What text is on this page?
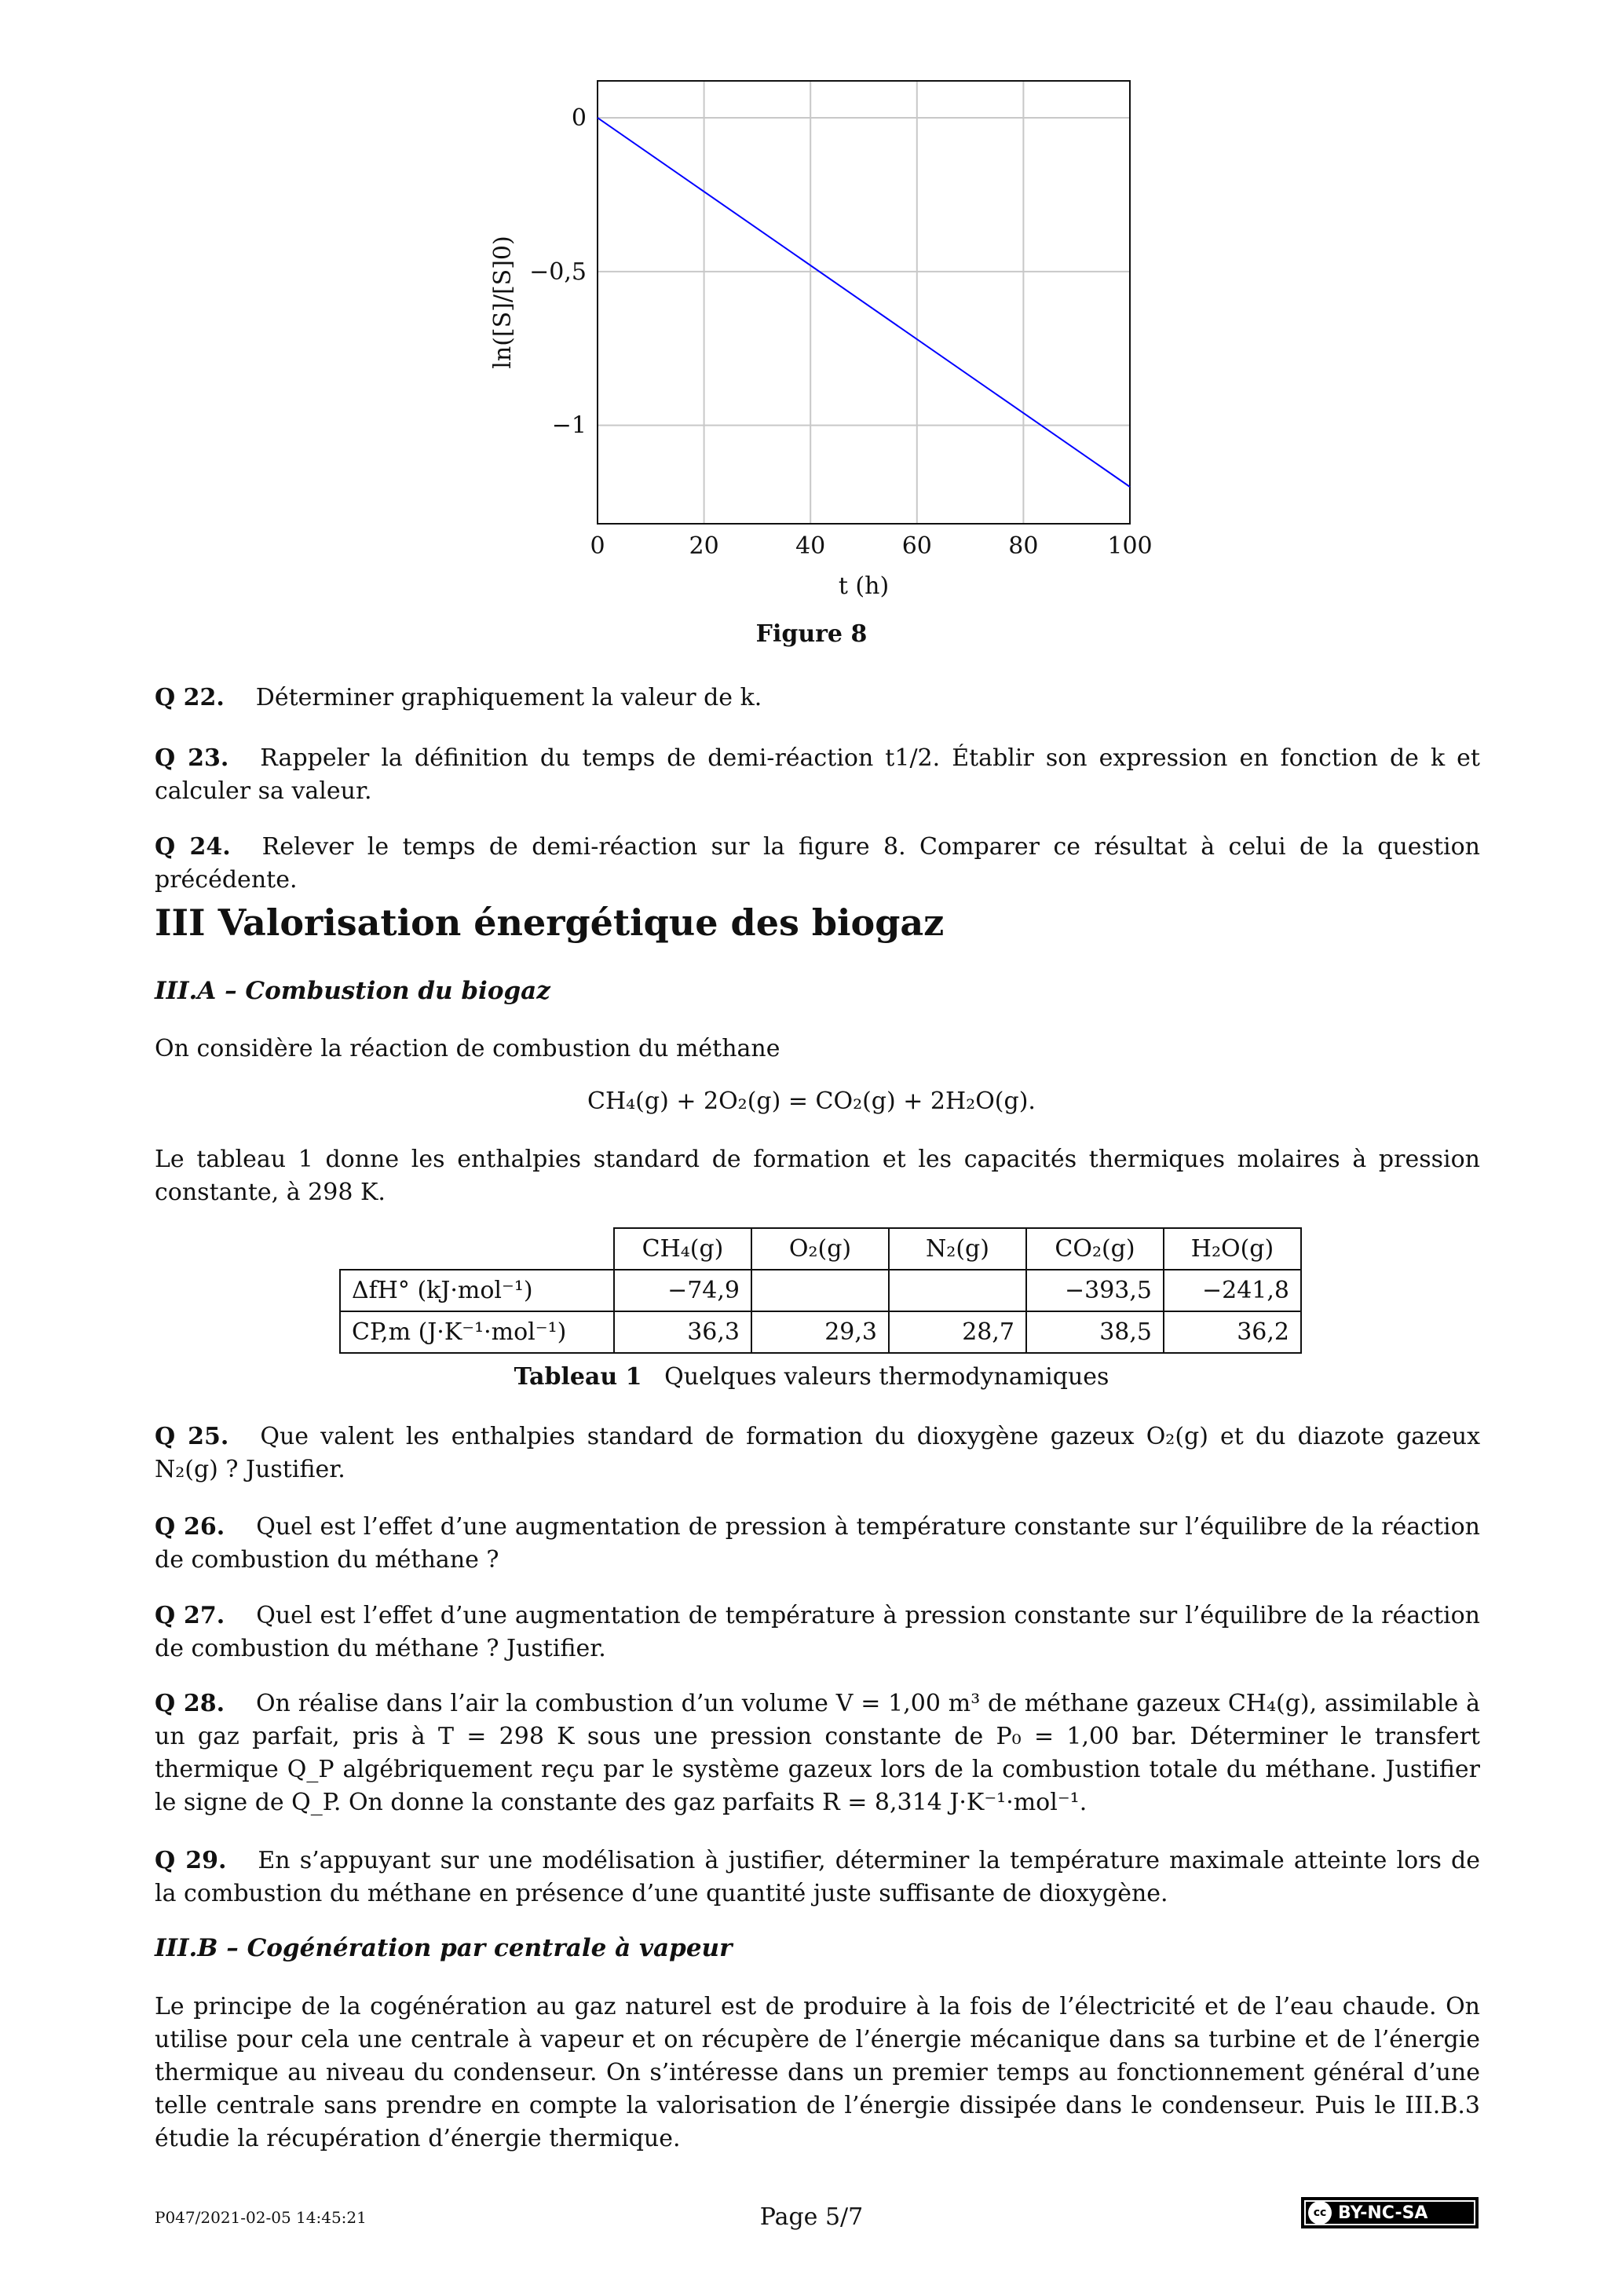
0	20	40	60	80	100
0
−0,5
−1
t (h)
ln([S]/[S]0)
Figure 8
Q 22. Déterminer graphiquement la valeur de k.
Q 23. Rappeler la définition du temps de demi-réaction t1/2. Établir son expression en fonction de k et calculer sa valeur.
Q 24. Relever le temps de demi-réaction sur la figure 8. Comparer ce résultat à celui de la question précédente.
III Valorisation énergétique des biogaz
III.A – Combustion du biogaz
On considère la réaction de combustion du méthane
CH₄(g) + 2O₂(g) = CO₂(g) + 2H₂O(g).
Le tableau 1 donne les enthalpies standard de formation et les capacités thermiques molaires à pression constante, à 298 K.
	CH₄(g)	O₂(g)	N₂(g)	CO₂(g)	H₂O(g)
ΔfH° (kJ·mol⁻¹)	−74,9			−393,5	−241,8
CP,m (J·K⁻¹·mol⁻¹)	36,3	29,3	28,7	38,5	36,2
Tableau 1 Quelques valeurs thermodynamiques
Q 25. Que valent les enthalpies standard de formation du dioxygène gazeux O₂(g) et du diazote gazeux N₂(g) ? Justifier.
Q 26. Quel est l’effet d’une augmentation de pression à température constante sur l’équilibre de la réaction de combustion du méthane ?
Q 27. Quel est l’effet d’une augmentation de température à pression constante sur l’équilibre de la réaction de combustion du méthane ? Justifier.
Q 28. On réalise dans l’air la combustion d’un volume V = 1,00 m³ de méthane gazeux CH₄(g), assimilable à un gaz parfait, pris à T = 298 K sous une pression constante de P₀ = 1,00 bar. Déterminer le transfert thermique Q_P algébriquement reçu par le système gazeux lors de la combustion totale du méthane. Justifier le signe de Q_P. On donne la constante des gaz parfaits R = 8,314 J·K⁻¹·mol⁻¹.
Q 29. En s’appuyant sur une modélisation à justifier, déterminer la température maximale atteinte lors de la combustion du méthane en présence d’une quantité juste suffisante de dioxygène.
III.B – Cogénération par centrale à vapeur
Le principe de la cogénération au gaz naturel est de produire à la fois de l’électricité et de l’eau chaude. On utilise pour cela une centrale à vapeur et on récupère de l’énergie mécanique dans sa turbine et de l’énergie thermique au niveau du condenseur. On s’intéresse dans un premier temps au fonctionnement général d’une telle centrale sans prendre en compte la valorisation de l’énergie dissipée dans le condenseur. Puis le III.B.3 étudie la récupération d’énergie thermique.
P047/2021-02-05 14:45:21	Page 5/7	cc BY-NC-SA
